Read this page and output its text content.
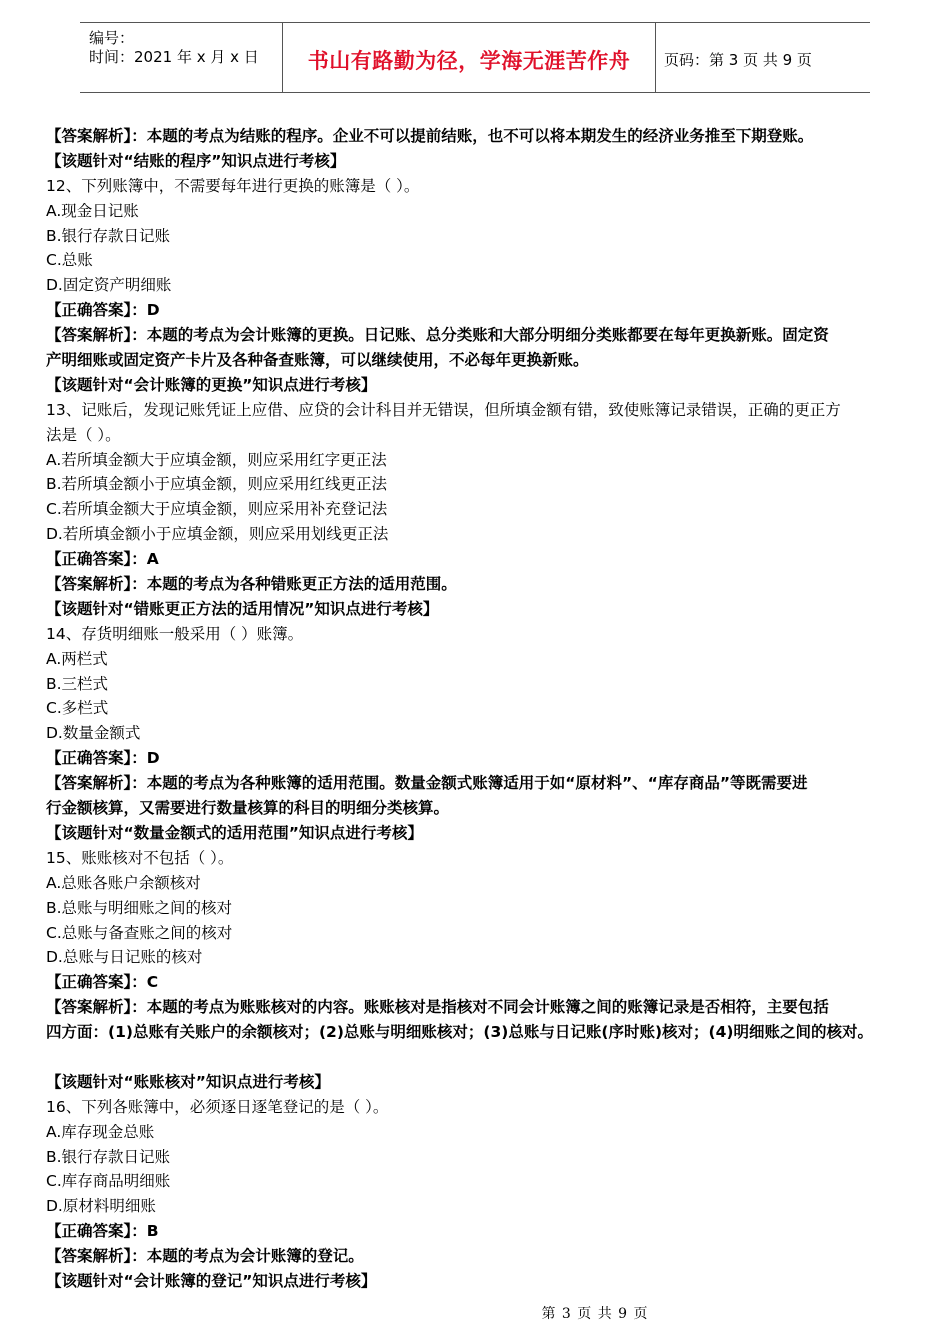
编号：
时间：2021 年 x 月 x 日	书山有路勤为径，学海无涯苦作舟	页码：第 3 页 共 9 页
【答案解析】：本题的考点为结账的程序。企业不可以提前结账，也不可以将本期发生的经济业务推至下期登账。
【该题针对“结账的程序”知识点进行考核】
12、下列账簿中，不需要每年进行更换的账簿是（ ）。
A.现金日记账
B.银行存款日记账
C.总账
D.固定资产明细账
【正确答案】：D
【答案解析】：本题的考点为会计账簿的更换。日记账、总分类账和大部分明细分类账都要在每年更换新账。固定资
产明细账或固定资产卡片及各种备查账簿，可以继续使用，不必每年更换新账。
【该题针对“会计账簿的更换”知识点进行考核】
13、记账后，发现记账凭证上应借、应贷的会计科目并无错误，但所填金额有错，致使账簿记录错误，正确的更正方
法是（ ）。
A.若所填金额大于应填金额，则应采用红字更正法
B.若所填金额小于应填金额，则应采用红线更正法
C.若所填金额大于应填金额，则应采用补充登记法
D.若所填金额小于应填金额，则应采用划线更正法
【正确答案】：A
【答案解析】：本题的考点为各种错账更正方法的适用范围。
【该题针对“错账更正方法的适用情况”知识点进行考核】
14、存货明细账一般采用（ ）账簿。
A.两栏式
B.三栏式
C.多栏式
D.数量金额式
【正确答案】：D
【答案解析】：本题的考点为各种账簿的适用范围。数量金额式账簿适用于如“原材料”、“库存商品”等既需要进
行金额核算，又需要进行数量核算的科目的明细分类核算。
【该题针对“数量金额式的适用范围”知识点进行考核】
15、账账核对不包括（ ）。
A.总账各账户余额核对
B.总账与明细账之间的核对
C.总账与备查账之间的核对
D.总账与日记账的核对
【正确答案】：C
【答案解析】：本题的考点为账账核对的内容。账账核对是指核对不同会计账簿之间的账簿记录是否相符，主要包括
四方面：(1)总账有关账户的余额核对；(2)总账与明细账核对；(3)总账与日记账(序时账)核对；(4)明细账之间的核对。
【该题针对“账账核对”知识点进行考核】
16、下列各账簿中，必须逐日逐笔登记的是（ ）。
A.库存现金总账
B.银行存款日记账
C.库存商品明细账
D.原材料明细账
【正确答案】：B
【答案解析】：本题的考点为会计账簿的登记。
【该题针对“会计账簿的登记”知识点进行考核】
第 3 页 共 9 页
